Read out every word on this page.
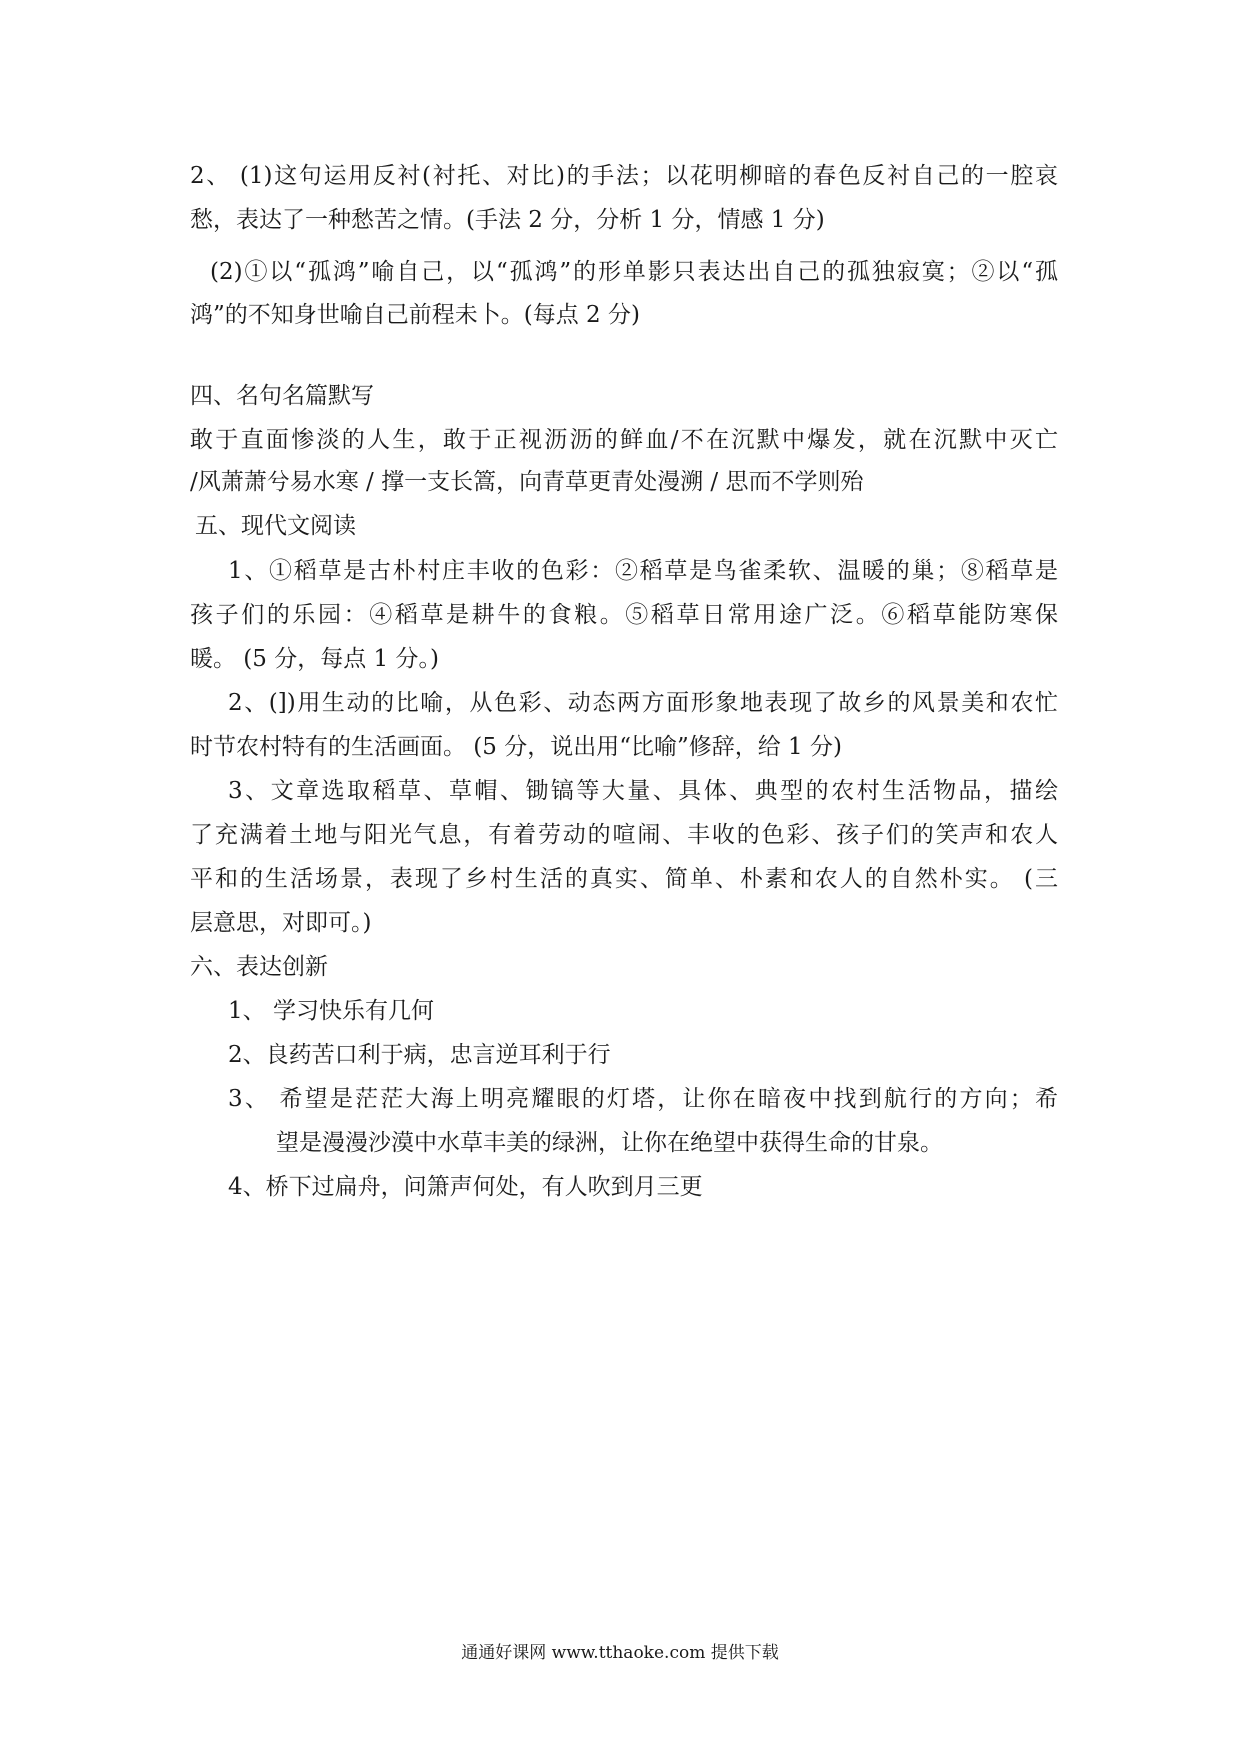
2、 (1)这句运用反衬(衬托、对比)的手法；以花明柳暗的春色反衬自己的一腔哀
愁，表达了一种愁苦之情。(手法 2 分，分析 1 分，情感 1 分)
(2)①以“孤鸿”喻自己，以“孤鸿”的形单影只表达出自己的孤独寂寞；②以“孤
鸿”的不知身世喻自己前程未卜。(每点 2 分)
四、名句名篇默写
敢于直面惨淡的人生，敢于正视沥沥的鲜血/不在沉默中爆发，就在沉默中灭亡
/风萧萧兮易水寒 / 撑一支长篙，向青草更青处漫溯 / 思而不学则殆
五、现代文阅读
1、①稻草是古朴村庄丰收的色彩：②稻草是鸟雀柔软、温暖的巢；⑧稻草是
孩子们的乐园：④稻草是耕牛的食粮。⑤稻草日常用途广泛。⑥稻草能防寒保
暖。 (5 分，每点 1 分。)
2、(])用生动的比喻，从色彩、动态两方面形象地表现了故乡的风景美和农忙
时节农村特有的生活画面。 (5 分，说出用“比喻”修辞，给 1 分)
3、文章选取稻草、草帽、锄镐等大量、具体、典型的农村生活物品，描绘
了充满着土地与阳光气息，有着劳动的喧闹、丰收的色彩、孩子们的笑声和农人
平和的生活场景，表现了乡村生活的真实、简单、朴素和农人的自然朴实。 (三
层意思，对即可。)
六、表达创新
1、 学习快乐有几何
2、良药苦口利于病，忠言逆耳利于行
3、 希望是茫茫大海上明亮耀眼的灯塔，让你在暗夜中找到航行的方向；希
望是漫漫沙漠中水草丰美的绿洲，让你在绝望中获得生命的甘泉。
4、桥下过扁舟，问箫声何处，有人吹到月三更
通通好课网 www.tthaoke.com 提供下载
